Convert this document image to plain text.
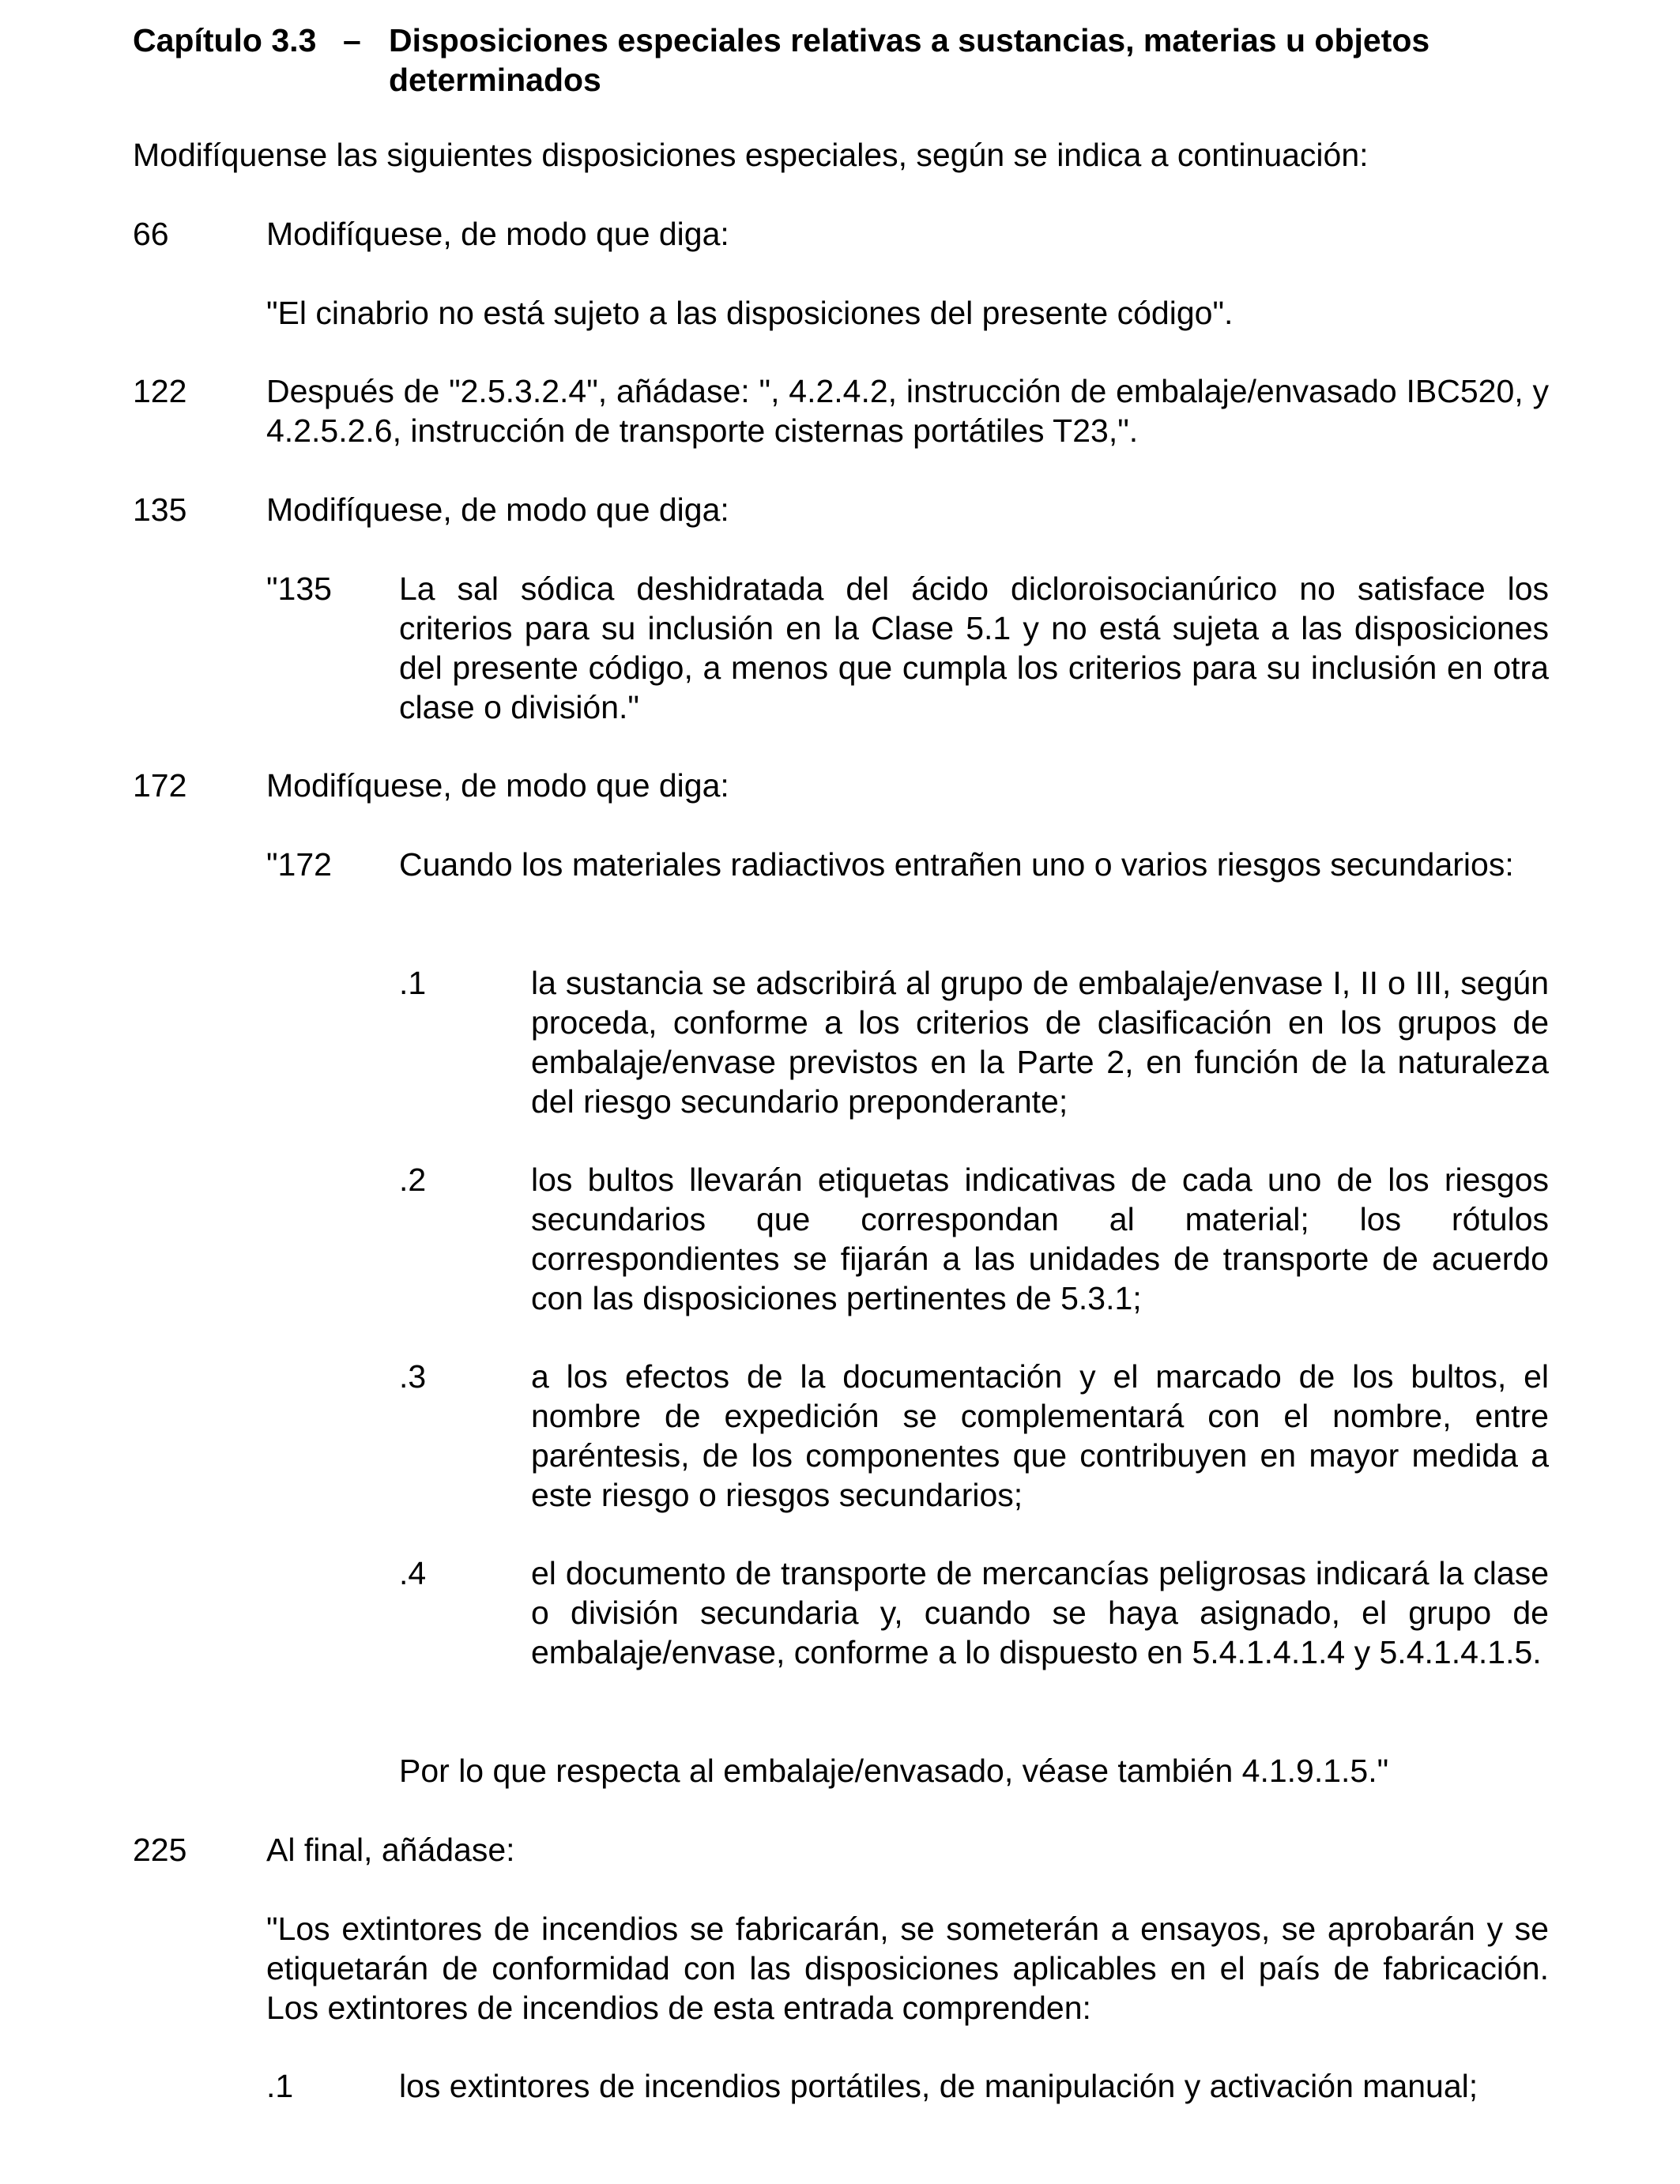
Capítulo 3.3 – Disposiciones especiales relativas a sustancias, materias u objetos determinados
Modifíquense las siguientes disposiciones especiales, según se indica a continuación:
66	Modifíquese, de modo que diga:
"El cinabrio no está sujeto a las disposiciones del presente código".
122 Después de "2.5.3.2.4", añádase: ", 4.2.4.2, instrucción de embalaje/envasado IBC520, y 4.2.5.2.6, instrucción de transporte cisternas portátiles T23,".
135 Modifíquese, de modo que diga:
"135 La sal sódica deshidratada del ácido dicloroisocianúrico no satisface los criterios para su inclusión en la Clase 5.1 y no está sujeta a las disposiciones del presente código, a menos que cumpla los criterios para su inclusión en otra clase o división."
172 Modifíquese, de modo que diga:
"172 Cuando los materiales radiactivos entrañen uno o varios riesgos secundarios:
.1	la sustancia se adscribirá al grupo de embalaje/envase I, II o III, según proceda, conforme a los criterios de clasificación en los grupos de embalaje/envase previstos en la Parte 2, en función de la naturaleza del riesgo secundario preponderante;
.2	los bultos llevarán etiquetas indicativas de cada uno de los riesgos secundarios que correspondan al material; los rótulos correspondientes se fijarán a las unidades de transporte de acuerdo con las disposiciones pertinentes de 5.3.1;
.3	a los efectos de la documentación y el marcado de los bultos, el nombre de expedición se complementará con el nombre, entre paréntesis, de los componentes que contribuyen en mayor medida a este riesgo o riesgos secundarios;
.4	el documento de transporte de mercancías peligrosas indicará la clase o división secundaria y, cuando se haya asignado, el grupo de embalaje/envase, conforme a lo dispuesto en 5.4.1.4.1.4 y 5.4.1.4.1.5.
Por lo que respecta al embalaje/envasado, véase también 4.1.9.1.5."
225 Al final, añádase:
"Los extintores de incendios se fabricarán, se someterán a ensayos, se aprobarán y se etiquetarán de conformidad con las disposiciones aplicables en el país de fabricación. Los extintores de incendios de esta entrada comprenden:
.1	los extintores de incendios portátiles, de manipulación y activación manual;
